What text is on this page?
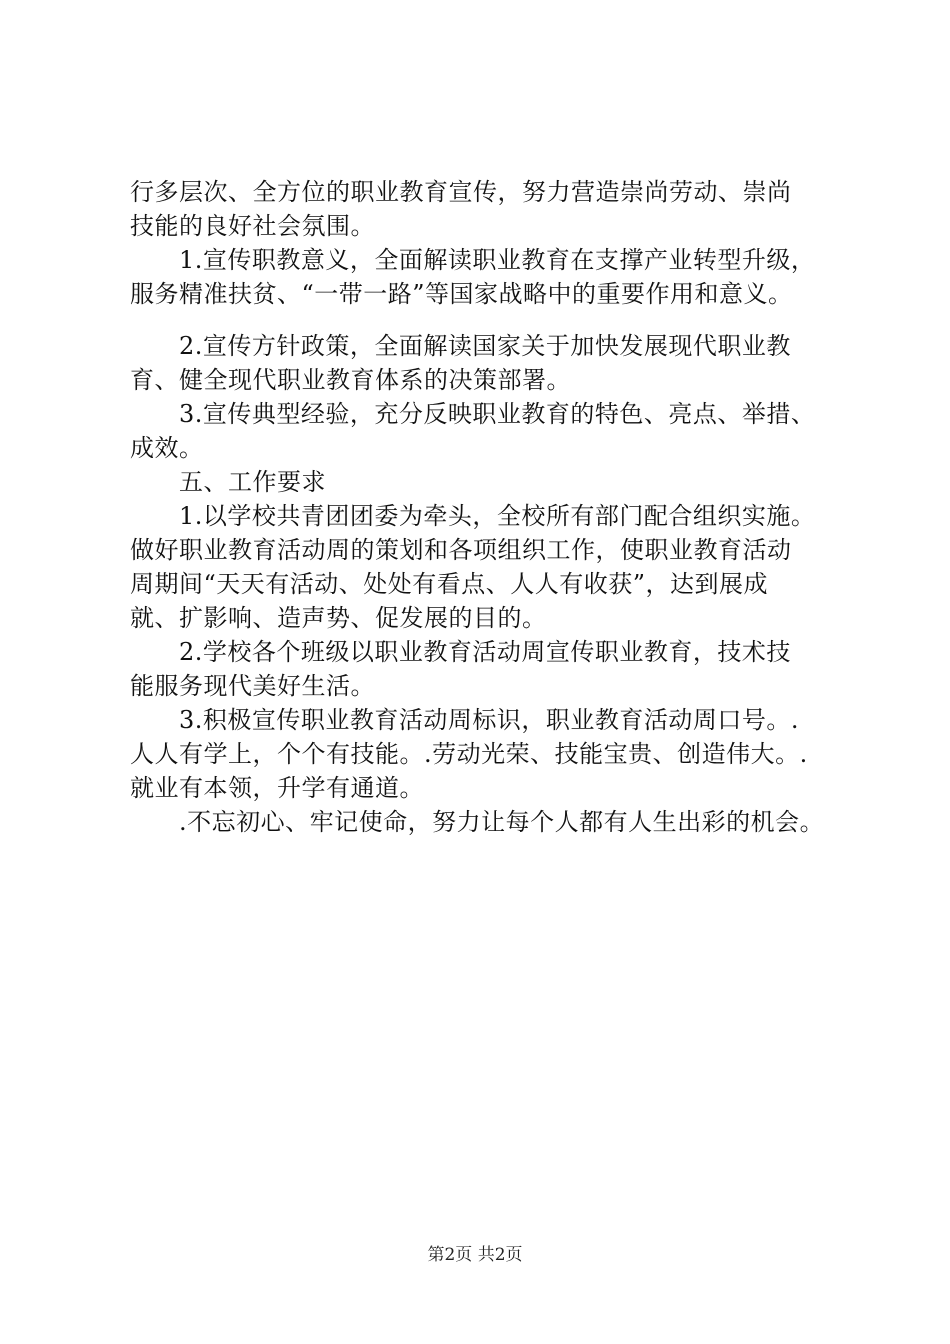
行多层次、全方位的职业教育宣传，努力营造崇尚劳动、崇尚
技能的良好社会氛围。
　　1.宣传职教意义，全面解读职业教育在支撑产业转型升级，
服务精准扶贫、“一带一路”等国家战略中的重要作用和意义。
　　2.宣传方针政策，全面解读国家关于加快发展现代职业教
育、健全现代职业教育体系的决策部署。
　　3.宣传典型经验，充分反映职业教育的特色、亮点、举措、
成效。
　　五、工作要求
　　1.以学校共青团团委为牵头，全校所有部门配合组织实施。
做好职业教育活动周的策划和各项组织工作，使职业教育活动
周期间“天天有活动、处处有看点、人人有收获”，达到展成
就、扩影响、造声势、促发展的目的。
　　2.学校各个班级以职业教育活动周宣传职业教育，技术技
能服务现代美好生活。
　　3.积极宣传职业教育活动周标识，职业教育活动周口号。.
人人有学上，个个有技能。.劳动光荣、技能宝贵、创造伟大。.
就业有本领，升学有通道。
　　.不忘初心、牢记使命，努力让每个人都有人生出彩的机会。
第2页 共2页
